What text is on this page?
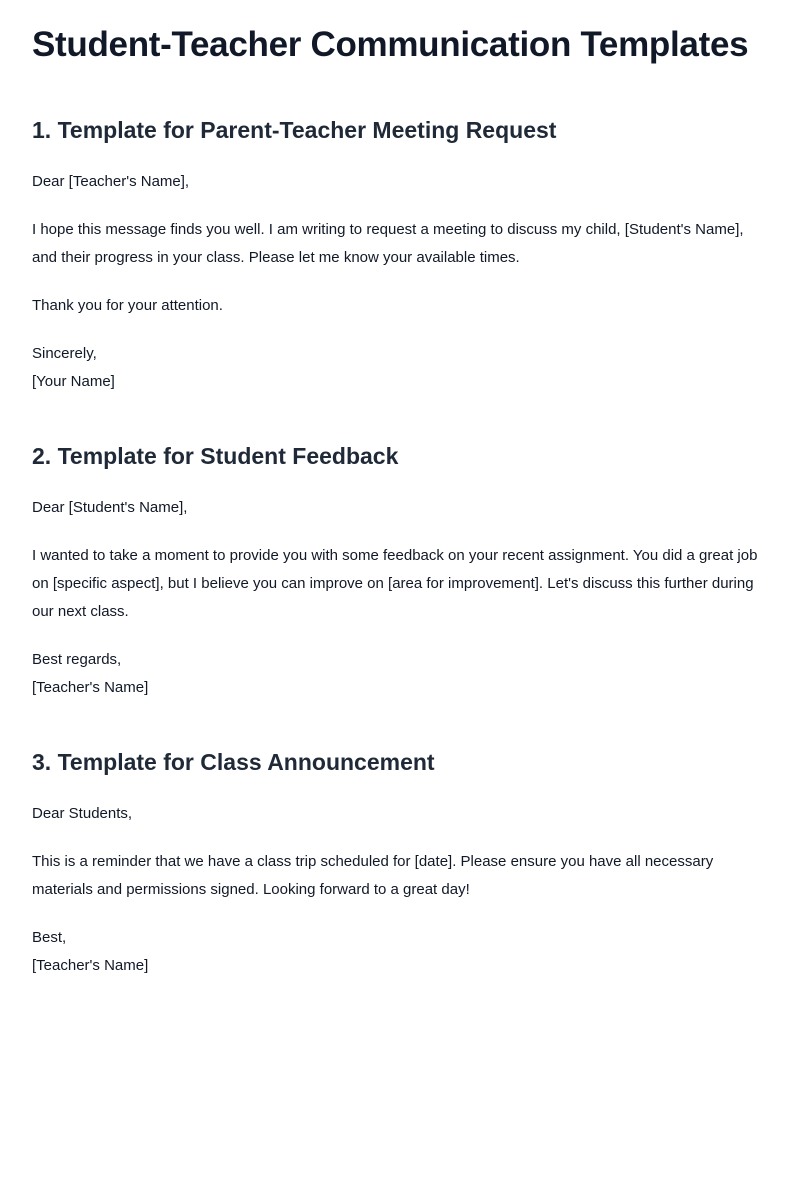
Student-Teacher Communication Templates
1. Template for Parent-Teacher Meeting Request

Dear [Teacher's Name],

I hope this message finds you well. I am writing to request a meeting to discuss my child, [Student's Name], and their progress in your class. Please let me know your available times.

Thank you for your attention.

Sincerely,
[Your Name]

2. Template for Student Feedback

Dear [Student's Name],

I wanted to take a moment to provide you with some feedback on your recent assignment. You did a great job on [specific aspect], but I believe you can improve on [area for improvement]. Let's discuss this further during our next class.

Best regards,
[Teacher's Name]

3. Template for Class Announcement

Dear Students,

This is a reminder that we have a class trip scheduled for [date]. Please ensure you have all necessary materials and permissions signed. Looking forward to a great day!

Best,
[Teacher's Name]
